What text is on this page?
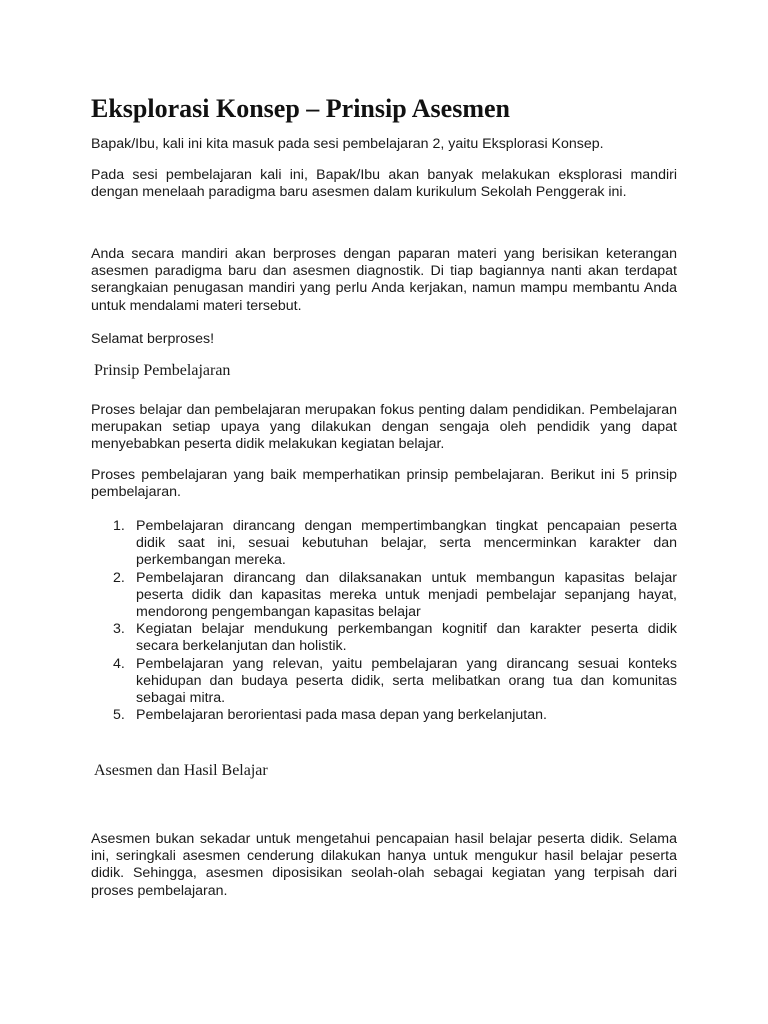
Eksplorasi Konsep – Prinsip Asesmen

Bapak/Ibu, kali ini kita masuk pada sesi pembelajaran 2, yaitu Eksplorasi Konsep.

Pada sesi pembelajaran kali ini, Bapak/Ibu akan banyak melakukan eksplorasi mandiri dengan menelaah paradigma baru asesmen dalam kurikulum Sekolah Penggerak ini.

Anda secara mandiri akan berproses dengan paparan materi yang berisikan keterangan asesmen paradigma baru dan asesmen diagnostik. Di tiap bagiannya nanti akan terdapat serangkaian penugasan mandiri yang perlu Anda kerjakan, namun mampu membantu Anda untuk mendalami materi tersebut.

Selamat berproses!

Prinsip Pembelajaran

Proses belajar dan pembelajaran merupakan fokus penting dalam pendidikan. Pembelajaran merupakan setiap upaya yang dilakukan dengan sengaja oleh pendidik yang dapat menyebabkan peserta didik melakukan kegiatan belajar.

Proses pembelajaran yang baik memperhatikan prinsip pembelajaran. Berikut ini 5 prinsip pembelajaran.

1. Pembelajaran dirancang dengan mempertimbangkan tingkat pencapaian peserta didik saat ini, sesuai kebutuhan belajar, serta mencerminkan karakter dan perkembangan mereka.
2. Pembelajaran dirancang dan dilaksanakan untuk membangun kapasitas belajar peserta didik dan kapasitas mereka untuk menjadi pembelajar sepanjang hayat, mendorong pengembangan kapasitas belajar
3. Kegiatan belajar mendukung perkembangan kognitif dan karakter peserta didik secara berkelanjutan dan holistik.
4. Pembelajaran yang relevan, yaitu pembelajaran yang dirancang sesuai konteks kehidupan dan budaya peserta didik, serta melibatkan orang tua dan komunitas sebagai mitra.
5. Pembelajaran berorientasi pada masa depan yang berkelanjutan.
Asesmen dan Hasil Belajar

Asesmen bukan sekadar untuk mengetahui pencapaian hasil belajar peserta didik. Selama ini, seringkali asesmen cenderung dilakukan hanya untuk mengukur hasil belajar peserta didik. Sehingga, asesmen diposisikan seolah-olah sebagai kegiatan yang terpisah dari proses pembelajaran.
